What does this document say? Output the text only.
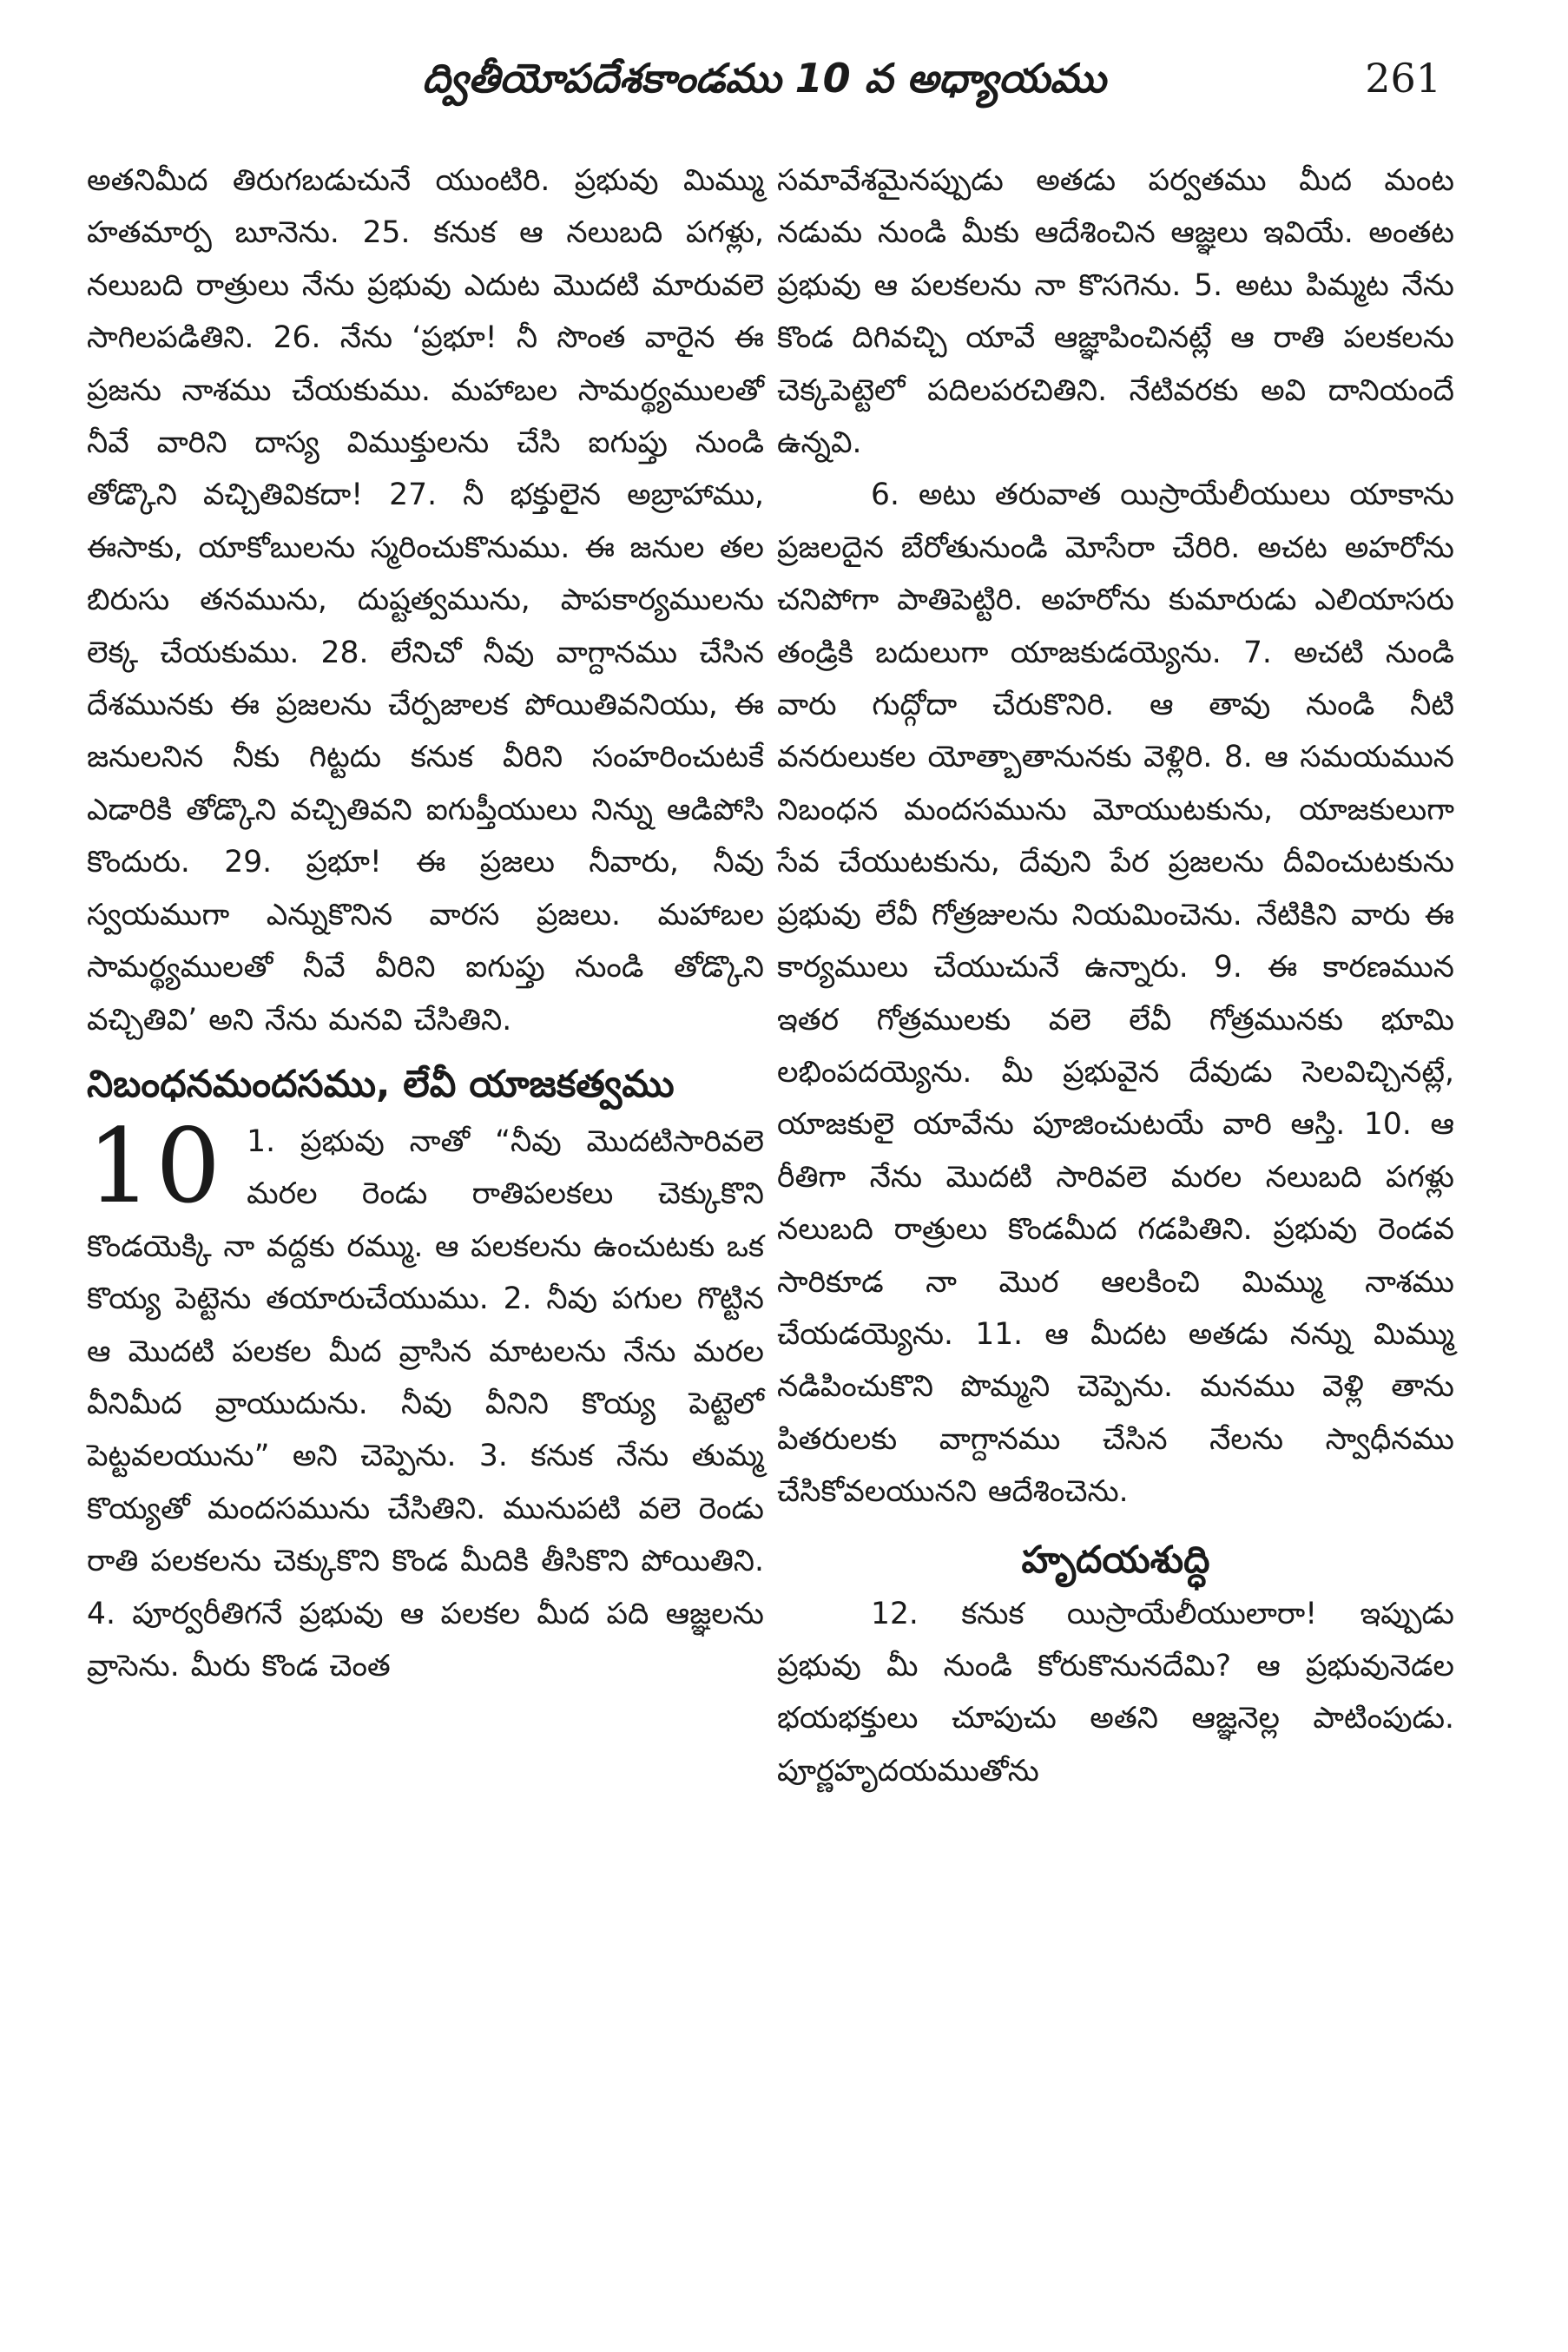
ద్వితీయోపదేశకాండము 10 వ అధ్యాయము	261

అతనిమీద తిరుగబడుచునే యుంటిరి. ప్రభువు మిమ్ము హతమార్ప బూనెను. 25. కనుక ఆ నలుబది పగళ్లు, నలుబది రాత్రులు నేను ప్రభువు ఎదుట మొదటి మారువలె సాగిలపడితిని. 26. నేను ‘ప్రభూ! నీ సొంత వారైన ఈ ప్రజను నాశము చేయకుము. మహాబల సామర్థ్యములతో నీవే వారిని దాస్య విముక్తులను చేసి ఐగుప్తు నుండి తోడ్కొని వచ్చితివికదా! 27. నీ భక్తులైన అబ్రాహాము, ఈసాకు, యాకోబులను స్మరించుకొనుము. ఈ జనుల తల బిరుసు తనమును, దుష్టత్వమును, పాపకార్యములను లెక్క చేయకుము. 28. లేనిచో నీవు వాగ్దానము చేసిన దేశమునకు ఈ ప్రజలను చేర్పజాలక పోయితివనియు, ఈ జనులనిన నీకు గిట్టదు కనుక వీరిని సంహరించుటకే ఎడారికి తోడ్కొని వచ్చితివని ఐగుప్తీయులు నిన్ను ఆడిపోసి కొందురు. 29. ప్రభూ! ఈ ప్రజలు నీవారు, నీవు స్వయముగా ఎన్నుకొనిన వారస ప్రజలు. మహాబల సామర్థ్యములతో నీవే వీరిని ఐగుప్తు నుండి తోడ్కొని వచ్చితివి’ అని నేను మనవి చేసితిని.

నిబంధనమందసము, లేవీ యాజకత్వము

10 1. ప్రభువు నాతో “నీవు మొదటిసారివలె మరల రెండు రాతిపలకలు చెక్కుకొని కొండయెక్కి నా వద్దకు రమ్ము. ఆ పలకలను ఉంచుటకు ఒక కొయ్య పెట్టెను తయారుచేయుము. 2. నీవు పగుల గొట్టిన ఆ మొదటి పలకల మీద వ్రాసిన మాటలను నేను మరల వీనిమీద వ్రాయుదును. నీవు వీనిని కొయ్య పెట్టెలో పెట్టవలయును” అని చెప్పెను. 3. కనుక నేను తుమ్మ కొయ్యతో మందసమును చేసితిని. మునుపటి వలె రెండు రాతి పలకలను చెక్కుకొని కొండ మీదికి తీసికొని పోయితిని. 4. పూర్వరీతిగనే ప్రభువు ఆ పలకల మీద పది ఆజ్ఞలను వ్రాసెను. మీరు కొండ చెంత

సమావేశమైనప్పుడు అతడు పర్వతము మీద మంట నడుమ నుండి మీకు ఆదేశించిన ఆజ్ఞలు ఇవియే. అంతట ప్రభువు ఆ పలకలను నా కొసగెను. 5. అటు పిమ్మట నేను కొండ దిగివచ్చి యావే ఆజ్ఞాపించినట్లే ఆ రాతి పలకలను చెక్కపెట్టెలో పదిలపరచితిని. నేటివరకు అవి దానియందే ఉన్నవి.

6. అటు తరువాత యిస్రాయేలీయులు యాకాను ప్రజలదైన బేరోతునుండి మోసేరా చేరిరి. అచట అహరోను చనిపోగా పాతిపెట్టిరి. అహరోను కుమారుడు ఎలియాసరు తండ్రికి బదులుగా యాజకుడయ్యెను. 7. అచటి నుండి వారు గుద్గోదా చేరుకొనిరి. ఆ తావు నుండి నీటి వనరులుకల యోత్బాతానునకు వెళ్లిరి. 8. ఆ సమయమున నిబంధన మందసమును మోయుటకును, యాజకులుగా సేవ చేయుటకును, దేవుని పేర ప్రజలను దీవించుటకును ప్రభువు లేవీ గోత్రజులను నియమించెను. నేటికిని వారు ఈ కార్యములు చేయుచునే ఉన్నారు. 9. ఈ కారణమున ఇతర గోత్రములకు వలె లేవీ గోత్రమునకు భూమి లభింపదయ్యెను. మీ ప్రభువైన దేవుడు సెలవిచ్చినట్లే, యాజకులై యావేను పూజించుటయే వారి ఆస్తి. 10. ఆ రీతిగా నేను మొదటి సారివలె మరల నలుబది పగళ్లు నలుబది రాత్రులు కొండమీద గడపితిని. ప్రభువు రెండవ సారికూడ నా మొర ఆలకించి మిమ్ము నాశము చేయడయ్యెను. 11. ఆ మీదట అతడు నన్ను మిమ్ము నడిపించుకొని పొమ్మని చెప్పెను. మనము వెళ్లి తాను పితరులకు వాగ్దానము చేసిన నేలను స్వాధీనము చేసికోవలయునని ఆదేశించెను.

హృదయశుద్ధి

12. కనుక యిస్రాయేలీయులారా! ఇప్పుడు ప్రభువు మీ నుండి కోరుకొనునదేమి? ఆ ప్రభువునెడల భయభక్తులు చూపుచు అతని ఆజ్ఞనెల్ల పాటింపుడు. పూర్ణహృదయముతోను
